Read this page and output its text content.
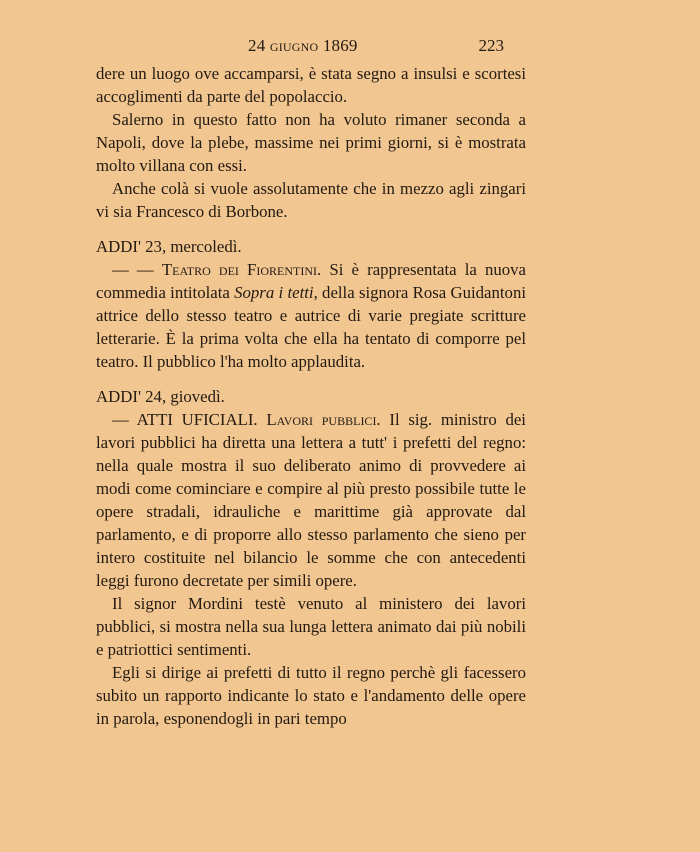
24 giugno 1869	223

dere un luogo ove accamparsi, è stata segno a insulsi e scortesi accoglimenti da parte del popolaccio.

Salerno in questo fatto non ha voluto rimaner seconda a Napoli, dove la plebe, massime nei primi giorni, si è mostrata molto villana con essi.

Anche colà si vuole assolutamente che in mezzo agli zingari vi sia Francesco di Borbone.

ADDI' 23, mercoledì.

— — Teatro dei Fiorentini. Si è rappresentata la nuova commedia intitolata Sopra i tetti, della signora Rosa Guidantoni attrice dello stesso teatro e autrice di varie pregiate scritture letterarie. È la prima volta che ella ha tentato di comporre pel teatro. Il pubblico l'ha molto applaudita.

ADDI' 24, giovedì.

— ATTI UFICIALI. Lavori pubblici. Il sig. ministro dei lavori pubblici ha diretta una lettera a tutt' i prefetti del regno: nella quale mostra il suo deliberato animo di provvedere ai modi come cominciare e compire al più presto possibile tutte le opere stradali, idrauliche e marittime già approvate dal parlamento, e di proporre allo stesso parlamento che sieno per intero costituite nel bilancio le somme che con antecedenti leggi furono decretate per simili opere.

Il signor Mordini testè venuto al ministero dei lavori pubblici, si mostra nella sua lunga lettera animato dai più nobili e patriottici sentimenti.

Egli si dirige ai prefetti di tutto il regno perchè gli facessero subito un rapporto indicante lo stato e l'andamento delle opere in parola, esponendogli in pari tempo
